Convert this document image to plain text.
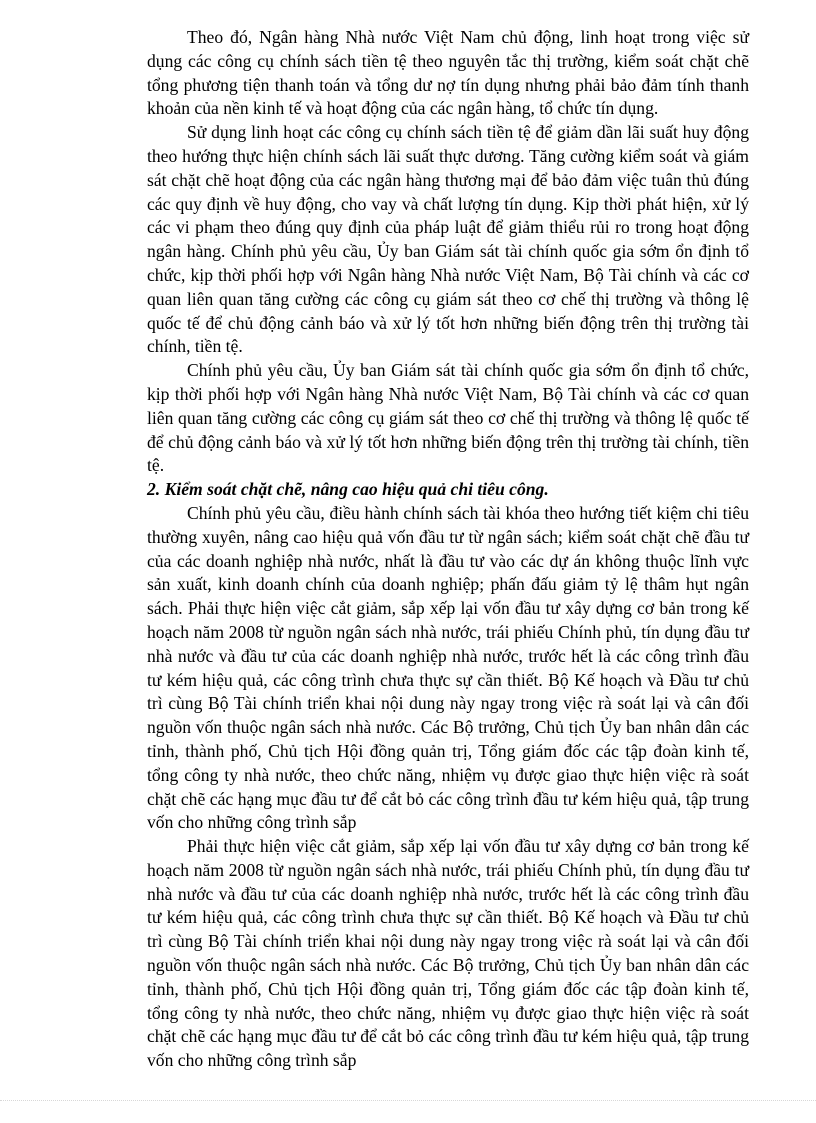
Theo đó, Ngân hàng Nhà nước Việt Nam chủ động, linh hoạt trong việc sử dụng các công cụ chính sách tiền tệ theo nguyên tắc thị trường, kiểm soát chặt chẽ tổng phương tiện thanh toán và tổng dư nợ tín dụng nhưng phải bảo đảm tính thanh khoản của nền kinh tế và hoạt động của các ngân hàng, tổ chức tín dụng.

Sử dụng linh hoạt các công cụ chính sách tiền tệ để giảm dần lãi suất huy động theo hướng thực hiện chính sách lãi suất thực dương. Tăng cường kiểm soát và giám sát chặt chẽ hoạt động của các ngân hàng thương mại để bảo đảm việc tuân thủ đúng các quy định về huy động, cho vay và chất lượng tín dụng. Kịp thời phát hiện, xử lý các vi phạm theo đúng quy định của pháp luật để giảm thiểu rủi ro trong hoạt động ngân hàng. Chính phủ yêu cầu, Ủy ban Giám sát tài chính quốc gia sớm ổn định tổ chức, kịp thời phối hợp với Ngân hàng Nhà nước Việt Nam, Bộ Tài chính và các cơ quan liên quan tăng cường các công cụ giám sát theo cơ chế thị trường và thông lệ quốc tế để chủ động cảnh báo và xử lý tốt hơn những biến động trên thị trường tài chính, tiền tệ.

Chính phủ yêu cầu, Ủy ban Giám sát tài chính quốc gia sớm ổn định tổ chức, kịp thời phối hợp với Ngân hàng Nhà nước Việt Nam, Bộ Tài chính và các cơ quan liên quan tăng cường các công cụ giám sát theo cơ chế thị trường và thông lệ quốc tế để chủ động cảnh báo và xử lý tốt hơn những biến động trên thị trường tài chính, tiền tệ.

2. Kiểm soát chặt chẽ, nâng cao hiệu quả chi tiêu công.

Chính phủ yêu cầu, điều hành chính sách tài khóa theo hướng tiết kiệm chi tiêu thường xuyên, nâng cao hiệu quả vốn đầu tư từ ngân sách; kiểm soát chặt chẽ đầu tư của các doanh nghiệp nhà nước, nhất là đầu tư vào các dự án không thuộc lĩnh vực sản xuất, kinh doanh chính của doanh nghiệp; phấn đấu giảm tỷ lệ thâm hụt ngân sách. Phải thực hiện việc cắt giảm, sắp xếp lại vốn đầu tư xây dựng cơ bản trong kế hoạch năm 2008 từ nguồn ngân sách nhà nước, trái phiếu Chính phủ, tín dụng đầu tư nhà nước và đầu tư của các doanh nghiệp nhà nước, trước hết là các công trình đầu tư kém hiệu quả, các công trình chưa thực sự cần thiết. Bộ Kế hoạch và Đầu tư chủ trì cùng Bộ Tài chính triển khai nội dung này ngay trong việc rà soát lại và cân đối nguồn vốn thuộc ngân sách nhà nước. Các Bộ trưởng, Chủ tịch Ủy ban nhân dân các tỉnh, thành phố, Chủ tịch Hội đồng quản trị, Tổng giám đốc các tập đoàn kinh tế, tổng công ty nhà nước, theo chức năng, nhiệm vụ được giao thực hiện việc rà soát chặt chẽ các hạng mục đầu tư để cắt bỏ các công trình đầu tư kém hiệu quả, tập trung vốn cho những công trình sắp

Phải thực hiện việc cắt giảm, sắp xếp lại vốn đầu tư xây dựng cơ bản trong kế hoạch năm 2008 từ nguồn ngân sách nhà nước, trái phiếu Chính phủ, tín dụng đầu tư nhà nước và đầu tư của các doanh nghiệp nhà nước, trước hết là các công trình đầu tư kém hiệu quả, các công trình chưa thực sự cần thiết. Bộ Kế hoạch và Đầu tư chủ trì cùng Bộ Tài chính triển khai nội dung này ngay trong việc rà soát lại và cân đối nguồn vốn thuộc ngân sách nhà nước. Các Bộ trưởng, Chủ tịch Ủy ban nhân dân các tỉnh, thành phố, Chủ tịch Hội đồng quản trị, Tổng giám đốc các tập đoàn kinh tế, tổng công ty nhà nước, theo chức năng, nhiệm vụ được giao thực hiện việc rà soát chặt chẽ các hạng mục đầu tư để cắt bỏ các công trình đầu tư kém hiệu quả, tập trung vốn cho những công trình sắp
